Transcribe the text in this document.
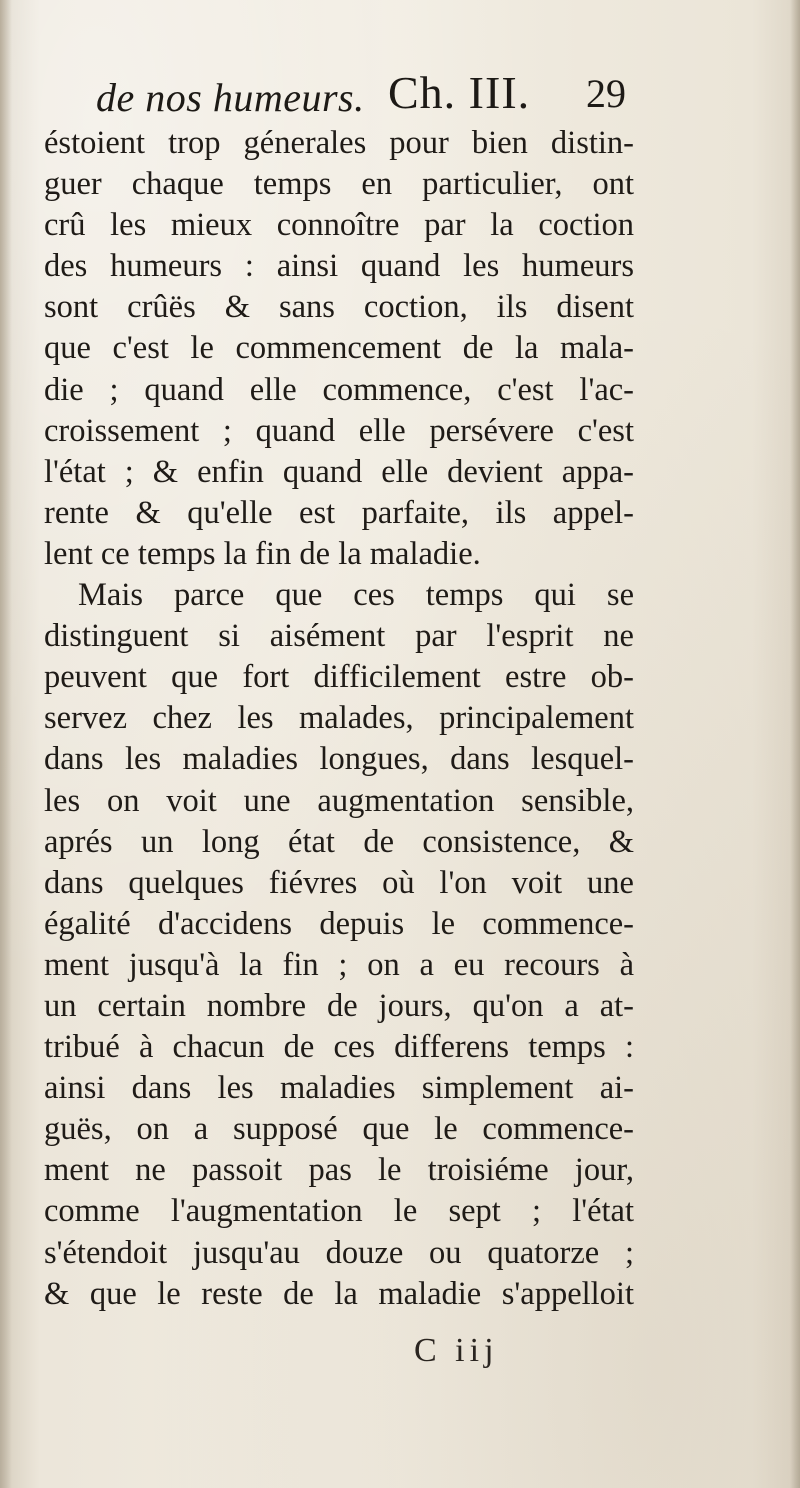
de nos humeurs. Ch. III. 29
éstoient trop génerales pour bien distin-
guer chaque temps en particulier, ont
crû les mieux connoître par la coction
des humeurs : ainsi quand les humeurs
sont crûës & sans coction, ils disent
que c'est le commencement de la mala-
die ; quand elle commence, c'est l'ac-
croissement ; quand elle persévere c'est
l'état ; & enfin quand elle devient appa-
rente & qu'elle est parfaite, ils appel-
lent ce temps la fin de la maladie.
Mais parce que ces temps qui se
distinguent si aisément par l'esprit ne
peuvent que fort difficilement estre ob-
servez chez les malades, principalement
dans les maladies longues, dans lesquel-
les on voit une augmentation sensible,
aprés un long état de consistence, &
dans quelques fiévres où l'on voit une
égalité d'accidens depuis le commence-
ment jusqu'à la fin ; on a eu recours à
un certain nombre de jours, qu'on a at-
tribué à chacun de ces differens temps :
ainsi dans les maladies simplement ai-
guës, on a supposé que le commence-
ment ne passoit pas le troisiéme jour,
comme l'augmentation le sept ; l'état
s'étendoit jusqu'au douze ou quatorze ;
& que le reste de la maladie s'appelloit
C iij
